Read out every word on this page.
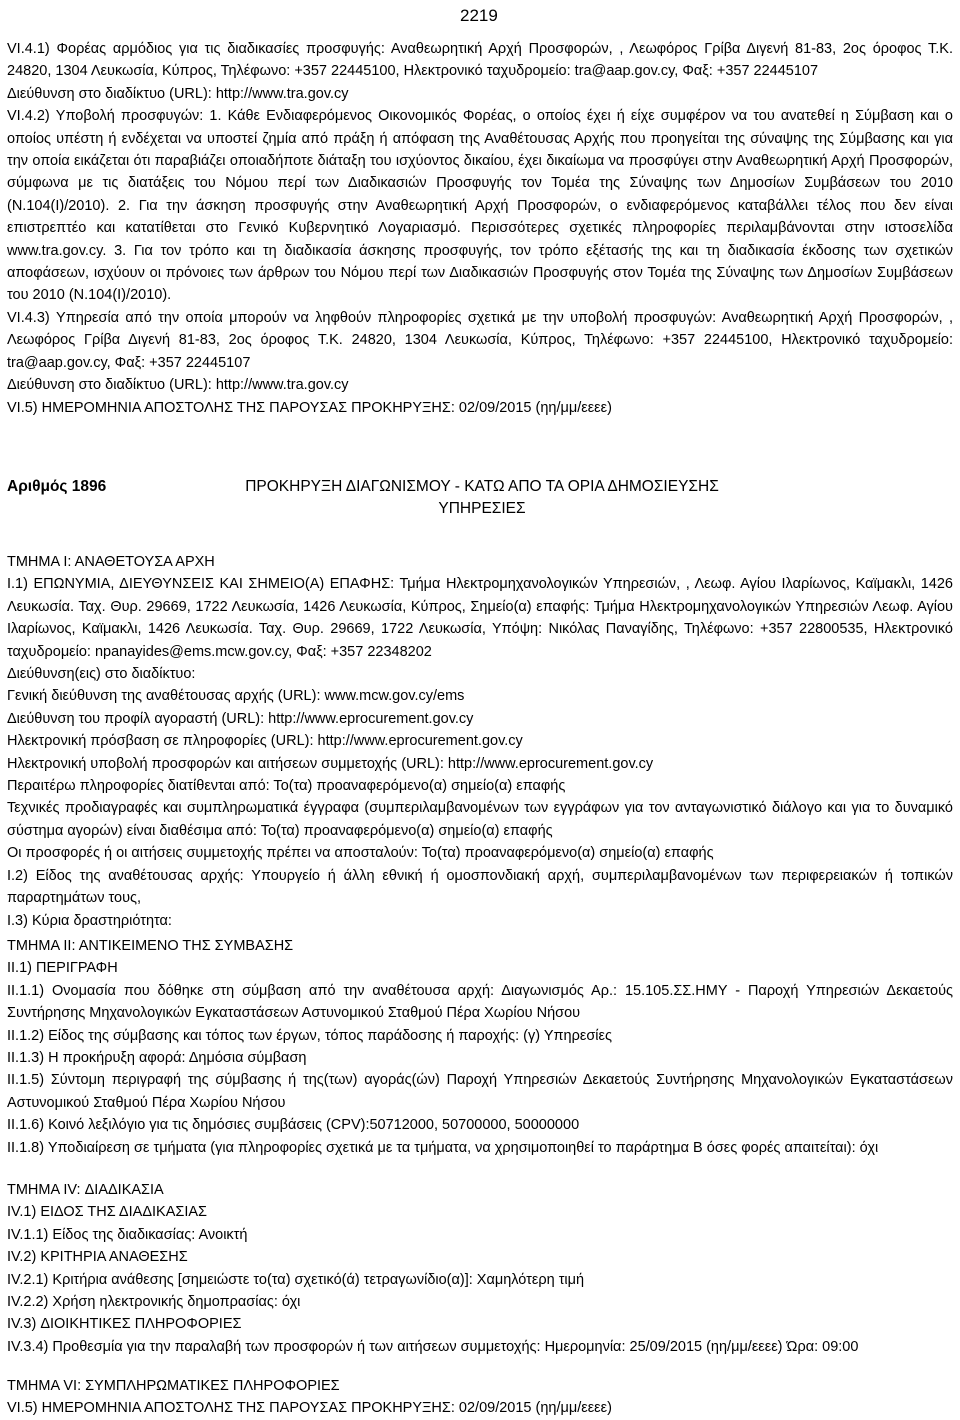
2219

VI.4.1) Φορέας αρμόδιος για τις διαδικασίες προσφυγής: Αναθεωρητική Αρχή Προσφορών, , Λεωφόρος Γρίβα Διγενή 81-83, 2ος όροφος Τ.Κ. 24820, 1304 Λευκωσία, Κύπρος, Τηλέφωνο: +357 22445100, Ηλεκτρονικό ταχυδρομείο: tra@aap.gov.cy, Φαξ: +357 22445107

Διεύθυνση στο διαδίκτυο (URL): http://www.tra.gov.cy

VI.4.2) Υποβολή προσφυγών: 1. Κάθε Ενδιαφερόμενος Οικονομικός Φορέας, ο οποίος έχει ή είχε συμφέρον να του ανατεθεί η Σύμβαση και ο οποίος υπέστη ή ενδέχεται να υποστεί ζημία από πράξη ή απόφαση της Αναθέτουσας Αρχής που προηγείται της σύναψης της Σύμβασης και για την οποία εικάζεται ότι παραβιάζει οποιαδήποτε διάταξη του ισχύοντος δικαίου, έχει δικαίωμα να προσφύγει στην Αναθεωρητική Αρχή Προσφορών, σύμφωνα με τις διατάξεις του Νόμου περί των Διαδικασιών Προσφυγής τον Τομέα της Σύναψης των Δημοσίων Συμβάσεων του 2010 (Ν.104(Ι)/2010). 2. Για την άσκηση προσφυγής στην Αναθεωρητική Αρχή Προσφορών, ο ενδιαφερόμενος καταβάλλει τέλος που δεν είναι επιστρεπτέο και κατατίθεται στο Γενικό Κυβερνητικό Λογαριασμό. Περισσότερες σχετικές πληροφορίες περιλαμβάνονται στην ιστοσελίδα www.tra.gov.cy. 3. Για τον τρόπο και τη διαδικασία άσκησης προσφυγής, τον τρόπο εξέτασής της και τη διαδικασία έκδοσης των σχετικών αποφάσεων, ισχύουν οι πρόνοιες των άρθρων του Νόμου περί των Διαδικασιών Προσφυγής στον Τομέα της Σύναψης των Δημοσίων Συμβάσεων του 2010 (Ν.104(Ι)/2010).

VI.4.3) Υπηρεσία από την οποία μπορούν να ληφθούν πληροφορίες σχετικά με την υποβολή προσφυγών: Αναθεωρητική Αρχή Προσφορών, , Λεωφόρος Γρίβα Διγενή 81-83, 2ος όροφος Τ.Κ. 24820, 1304 Λευκωσία, Κύπρος, Τηλέφωνο: +357 22445100, Ηλεκτρονικό ταχυδρομείο: tra@aap.gov.cy, Φαξ: +357 22445107

Διεύθυνση στο διαδίκτυο (URL): http://www.tra.gov.cy

VI.5) ΗΜΕΡΟΜΗΝΙΑ ΑΠΟΣΤΟΛΗΣ ΤΗΣ ΠΑΡΟΥΣΑΣ ΠΡΟΚΗΡΥΞΗΣ: 02/09/2015 (ηη/μμ/εεεε)

Αριθμός 1896	ΠΡΟΚΗΡΥΞΗ ΔΙΑΓΩΝΙΣΜΟΥ - ΚΑΤΩ ΑΠΟ ΤΑ ΟΡΙΑ ΔΗΜΟΣΙΕΥΣΗΣ
ΥΠΗΡΕΣΙΕΣ

ΤΜΗΜΑ Ι: ΑΝΑΘΕΤΟΥΣΑ ΑΡΧΗ

Ι.1) ΕΠΩΝΥΜΙΑ, ΔΙΕΥΘΥΝΣΕΙΣ ΚΑΙ ΣΗΜΕΙΟ(Α) ΕΠΑΦΗΣ: Τμήμα Ηλεκτρομηχανολογικών Υπηρεσιών, , Λεωφ. Αγίου Ιλαρίωνος, Καϊμακλι, 1426 Λευκωσία. Ταχ. Θυρ. 29669, 1722 Λευκωσία, 1426 Λευκωσία, Κύπρος, Σημείο(α) επαφής: Τμήμα Ηλεκτρομηχανολογικών Υπηρεσιών Λεωφ. Αγίου Ιλαρίωνος, Καϊμακλι, 1426 Λευκωσία. Ταχ. Θυρ. 29669, 1722 Λευκωσία, Υπόψη: Νικόλας Παναγίδης, Τηλέφωνο: +357 22800535, Ηλεκτρονικό ταχυδρομείο: npanayides@ems.mcw.gov.cy, Φαξ: +357 22348202

Διεύθυνση(εις) στο διαδίκτυο:

Γενική διεύθυνση της αναθέτουσας αρχής (URL): www.mcw.gov.cy/ems

Διεύθυνση του προφίλ αγοραστή (URL): http://www.eprocurement.gov.cy

Ηλεκτρονική πρόσβαση σε πληροφορίες (URL): http://www.eprocurement.gov.cy

Ηλεκτρονική υποβολή προσφορών και αιτήσεων συμμετοχής (URL): http://www.eprocurement.gov.cy

Περαιτέρω πληροφορίες διατίθενται από: Το(τα) προαναφερόμενο(α) σημείο(α) επαφής

Τεχνικές προδιαγραφές και συμπληρωματικά έγγραφα (συμπεριλαμβανομένων των εγγράφων για τον ανταγωνιστικό διάλογο και για το δυναμικό σύστημα αγορών) είναι διαθέσιμα από: Το(τα) προαναφερόμενο(α) σημείο(α) επαφής

Οι προσφορές ή οι αιτήσεις συμμετοχής πρέπει να αποσταλούν: Το(τα) προαναφερόμενο(α) σημείο(α) επαφής

Ι.2) Είδος της αναθέτουσας αρχής: Υπουργείο ή άλλη εθνική ή ομοσπονδιακή αρχή, συμπεριλαμβανομένων των περιφερειακών ή τοπικών παραρτημάτων τους,

Ι.3) Κύρια δραστηριότητα:

ΤΜΗΜΑ ΙΙ: ΑΝΤΙΚΕΙΜΕΝΟ ΤΗΣ ΣΥΜΒΑΣΗΣ

ΙΙ.1) ΠΕΡΙΓΡΑΦΗ

ΙΙ.1.1) Ονομασία που δόθηκε στη σύμβαση από την αναθέτουσα αρχή: Διαγωνισμός Αρ.: 15.105.ΣΣ.ΗΜΥ - Παροχή Υπηρεσιών Δεκαετούς Συντήρησης Μηχανολογικών Εγκαταστάσεων Αστυνομικού Σταθμού Πέρα Χωρίου Νήσου

ΙΙ.1.2) Είδος της σύμβασης και τόπος των έργων, τόπος παράδοσης ή παροχής: (γ) Υπηρεσίες

ΙΙ.1.3) Η προκήρυξη αφορά: Δημόσια σύμβαση

ΙΙ.1.5) Σύντομη περιγραφή της σύμβασης ή της(των) αγοράς(ών) Παροχή Υπηρεσιών Δεκαετούς Συντήρησης Μηχανολογικών Εγκαταστάσεων Αστυνομικού Σταθμού Πέρα Χωρίου Νήσου

ΙΙ.1.6) Κοινό λεξιλόγιο για τις δημόσιες συμβάσεις (CPV):50712000, 50700000, 50000000

ΙΙ.1.8) Υποδιαίρεση σε τμήματα (για πληροφορίες σχετικά με τα τμήματα, να χρησιμοποιηθεί το παράρτημα Β όσες φορές απαιτείται): όχι

ΤΜΗΜΑ IV: ΔΙΑΔΙΚΑΣΙΑ

IV.1) ΕΙΔΟΣ ΤΗΣ ΔΙΑΔΙΚΑΣΙΑΣ

IV.1.1) Είδος της διαδικασίας: Ανοικτή

IV.2) ΚΡΙΤΗΡΙΑ ΑΝΑΘΕΣΗΣ

IV.2.1) Κριτήρια ανάθεσης [σημειώστε το(τα) σχετικό(ά) τετραγωνίδιο(α)]: Χαμηλότερη τιμή

IV.2.2) Χρήση ηλεκτρονικής δημοπρασίας: όχι

IV.3) ΔΙΟΙΚΗΤΙΚΕΣ ΠΛΗΡΟΦΟΡΙΕΣ

IV.3.4) Προθεσμία για την παραλαβή των προσφορών ή των αιτήσεων συμμετοχής: Ημερομηνία: 25/09/2015 (ηη/μμ/εεεε) Ώρα: 09:00

ΤΜΗΜΑ VI: ΣΥΜΠΛΗΡΩΜΑΤΙΚΕΣ ΠΛΗΡΟΦΟΡΙΕΣ

VI.5) ΗΜΕΡΟΜΗΝΙΑ ΑΠΟΣΤΟΛΗΣ ΤΗΣ ΠΑΡΟΥΣΑΣ ΠΡΟΚΗΡΥΞΗΣ: 02/09/2015 (ηη/μμ/εεεε)
